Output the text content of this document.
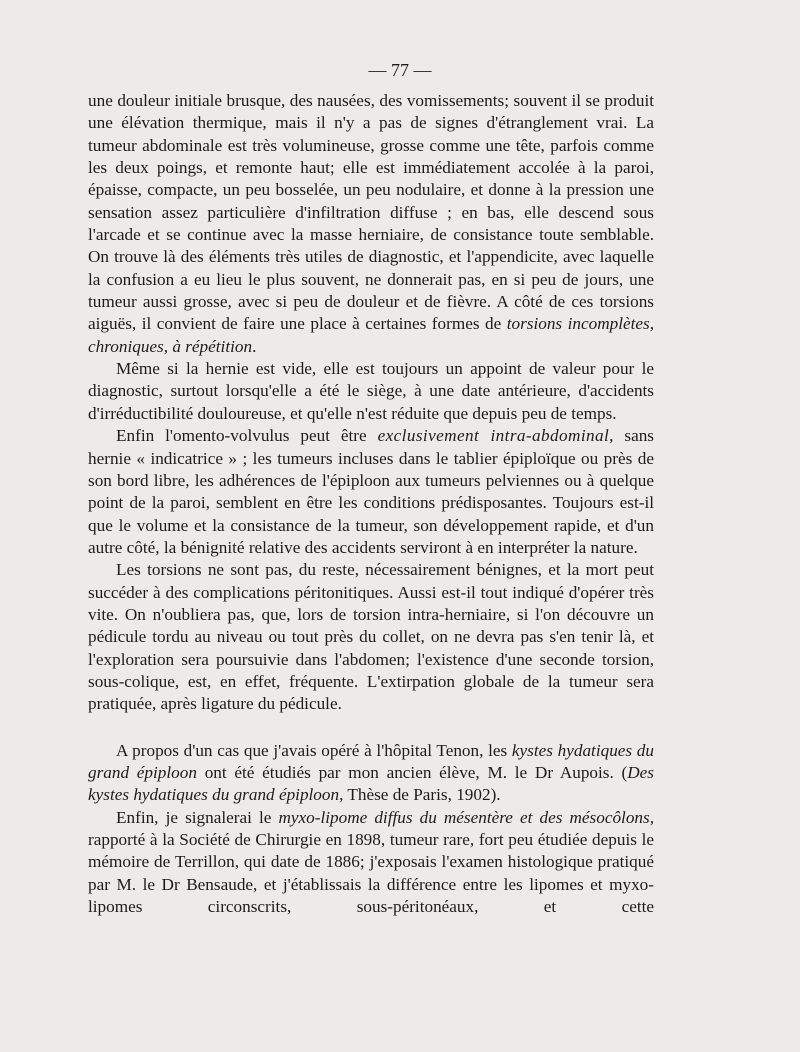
— 77 —

une douleur initiale brusque, des nausées, des vomissements; souvent il se produit une élévation thermique, mais il n'y a pas de signes d'étranglement vrai. La tumeur abdominale est très volumineuse, grosse comme une tête, parfois comme les deux poings, et remonte haut; elle est immédiatement accolée à la paroi, épaisse, compacte, un peu bosselée, un peu nodulaire, et donne à la pression une sensation assez particulière d'infiltration diffuse ; en bas, elle descend sous l'arcade et se continue avec la masse herniaire, de consistance toute semblable. On trouve là des éléments très utiles de diagnostic, et l'appendicite, avec laquelle la confusion a eu lieu le plus souvent, ne donnerait pas, en si peu de jours, une tumeur aussi grosse, avec si peu de douleur et de fièvre. A côté de ces torsions aiguës, il convient de faire une place à certaines formes de torsions incomplètes, chroniques, à répétition.

Même si la hernie est vide, elle est toujours un appoint de valeur pour le diagnostic, surtout lorsqu'elle a été le siège, à une date antérieure, d'accidents d'irréductibilité douloureuse, et qu'elle n'est réduite que depuis peu de temps.

Enfin l'omento-volvulus peut être exclusivement intra-abdominal, sans hernie « indicatrice » ; les tumeurs incluses dans le tablier épiploïque ou près de son bord libre, les adhérences de l'épiploon aux tumeurs pelviennes ou à quelque point de la paroi, semblent en être les conditions prédisposantes. Toujours est-il que le volume et la consistance de la tumeur, son développement rapide, et d'un autre côté, la bénignité relative des accidents serviront à en interpréter la nature.

Les torsions ne sont pas, du reste, nécessairement bénignes, et la mort peut succéder à des complications péritonitiques. Aussi est-il tout indiqué d'opérer très vite. On n'oubliera pas, que, lors de torsion intra-herniaire, si l'on découvre un pédicule tordu au niveau ou tout près du collet, on ne devra pas s'en tenir là, et l'exploration sera poursuivie dans l'abdomen; l'existence d'une seconde torsion, sous-colique, est, en effet, fréquente. L'extirpation globale de la tumeur sera pratiquée, après ligature du pédicule.

A propos d'un cas que j'avais opéré à l'hôpital Tenon, les kystes hydatiques du grand épiploon ont été étudiés par mon ancien élève, M. le Dr Aupois. (Des kystes hydatiques du grand épiploon, Thèse de Paris, 1902).

Enfin, je signalerai le myxo-lipome diffus du mésentère et des mésocôlons, rapporté à la Société de Chirurgie en 1898, tumeur rare, fort peu étudiée depuis le mémoire de Terrillon, qui date de 1886; j'exposais l'examen histologique pratiqué par M. le Dr Bensaude, et j'établissais la différence entre les lipomes et myxo-lipomes circonscrits, sous-péritonéaux, et cette
